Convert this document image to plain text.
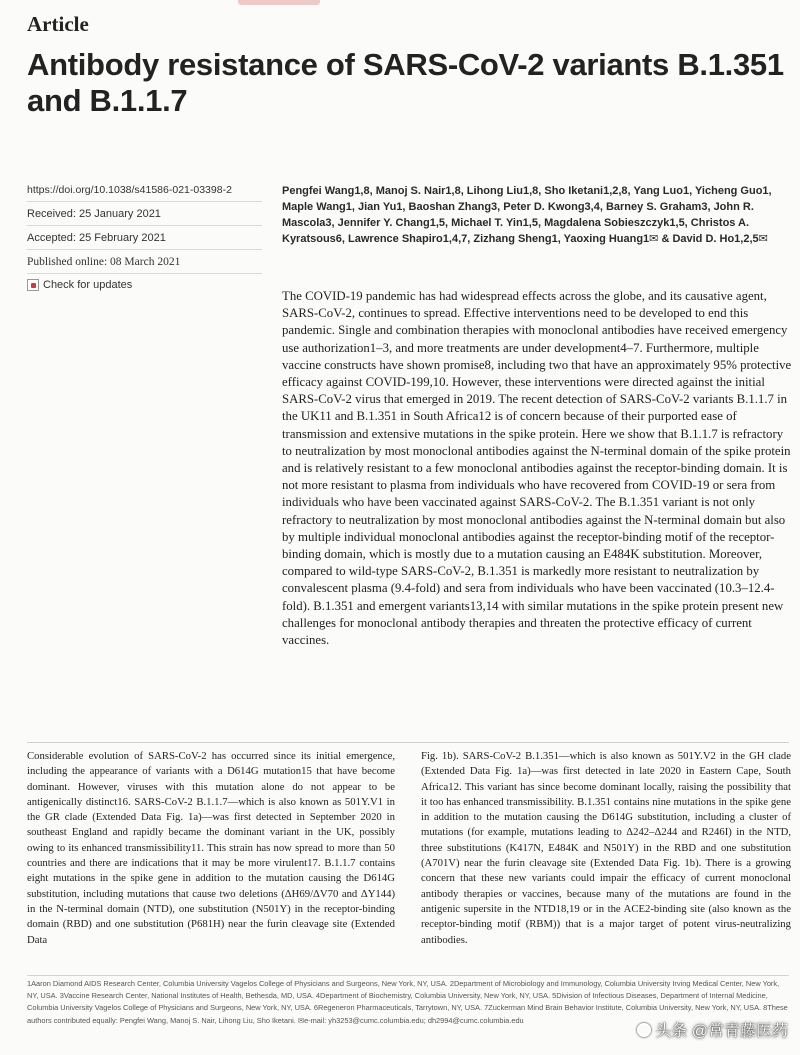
Article
Antibody resistance of SARS-CoV-2 variants B.1.351 and B.1.1.7
https://doi.org/10.1038/s41586-021-03398-2
Received: 25 January 2021
Accepted: 25 February 2021
Published online: 08 March 2021
Check for updates
Pengfei Wang1,8, Manoj S. Nair1,8, Lihong Liu1,8, Sho Iketani1,2,8, Yang Luo1, Yicheng Guo1, Maple Wang1, Jian Yu1, Baoshan Zhang3, Peter D. Kwong3,4, Barney S. Graham3, John R. Mascola3, Jennifer Y. Chang1,5, Michael T. Yin1,5, Magdalena Sobieszczyk1,5, Christos A. Kyratsous6, Lawrence Shapiro1,4,7, Zizhang Sheng1, Yaoxing Huang1✉ & David D. Ho1,2,5✉

The COVID-19 pandemic has had widespread effects across the globe, and its causative agent, SARS-CoV-2, continues to spread. Effective interventions need to be developed to end this pandemic. Single and combination therapies with monoclonal antibodies have received emergency use authorization1–3, and more treatments are under development4–7. Furthermore, multiple vaccine constructs have shown promise8, including two that have an approximately 95% protective efficacy against COVID-199,10. However, these interventions were directed against the initial SARS-CoV-2 virus that emerged in 2019. The recent detection of SARS-CoV-2 variants B.1.1.7 in the UK11 and B.1.351 in South Africa12 is of concern because of their purported ease of transmission and extensive mutations in the spike protein. Here we show that B.1.1.7 is refractory to neutralization by most monoclonal antibodies against the N-terminal domain of the spike protein and is relatively resistant to a few monoclonal antibodies against the receptor-binding domain. It is not more resistant to plasma from individuals who have recovered from COVID-19 or sera from individuals who have been vaccinated against SARS-CoV-2. The B.1.351 variant is not only refractory to neutralization by most monoclonal antibodies against the N-terminal domain but also by multiple individual monoclonal antibodies against the receptor-binding motif of the receptor-binding domain, which is mostly due to a mutation causing an E484K substitution. Moreover, compared to wild-type SARS-CoV-2, B.1.351 is markedly more resistant to neutralization by convalescent plasma (9.4-fold) and sera from individuals who have been vaccinated (10.3–12.4-fold). B.1.351 and emergent variants13,14 with similar mutations in the spike protein present new challenges for monoclonal antibody therapies and threaten the protective efficacy of current vaccines.

Considerable evolution of SARS-CoV-2 has occurred since its initial emergence, including the appearance of variants with a D614G mutation15 that have become dominant. However, viruses with this mutation alone do not appear to be antigenically distinct16. SARS-CoV-2 B.1.1.7—which is also known as 501Y.V1 in the GR clade (Extended Data Fig. 1a)—was first detected in September 2020 in southeast England and rapidly became the dominant variant in the UK, possibly owing to its enhanced transmissibility11. This strain has now spread to more than 50 countries and there are indications that it may be more virulent17. B.1.1.7 contains eight mutations in the spike gene in addition to the mutation causing the D614G substitution, including mutations that cause two deletions (ΔH69/ΔV70 and ΔY144) in the N-terminal domain (NTD), one substitution (N501Y) in the receptor-binding domain (RBD) and one substitution (P681H) near the furin cleavage site (Extended Data

Fig. 1b). SARS-CoV-2 B.1.351—which is also known as 501Y.V2 in the GH clade (Extended Data Fig. 1a)—was first detected in late 2020 in Eastern Cape, South Africa12. This variant has since become dominant locally, raising the possibility that it too has enhanced transmissibility. B.1.351 contains nine mutations in the spike gene in addition to the mutation causing the D614G substitution, including a cluster of mutations (for example, mutations leading to Δ242–Δ244 and R246I) in the NTD, three substitutions (K417N, E484K and N501Y) in the RBD and one substitution (A701V) near the furin cleavage site (Extended Data Fig. 1b). There is a growing concern that these new variants could impair the efficacy of current monoclonal antibody therapies or vaccines, because many of the mutations are found in the antigenic supersite in the NTD18,19 or in the ACE2-binding site (also known as the receptor-binding motif (RBM)) that is a major target of potent virus-neutralizing antibodies.

1Aaron Diamond AIDS Research Center, Columbia University Vagelos College of Physicians and Surgeons, New York, NY, USA. 2Department of Microbiology and Immunology, Columbia University Irving Medical Center, New York, NY, USA. 3Vaccine Research Center, National Institutes of Health, Bethesda, MD, USA. 4Department of Biochemistry, Columbia University, New York, NY, USA. 5Division of Infectious Diseases, Department of Internal Medicine, Columbia University Vagelos College of Physicians and Surgeons, New York, NY, USA. 6Regeneron Pharmaceuticals, Tarrytown, NY, USA. 7Zuckerman Mind Brain Behavior Institute, Columbia University, New York, NY, USA. 8These authors contributed equally: Pengfei Wang, Manoj S. Nair, Lihong Liu, Sho Iketani. ✉e-mail: yh3253@cumc.columbia.edu; dh2994@cumc.columbia.edu

头条 @常青藤医药
